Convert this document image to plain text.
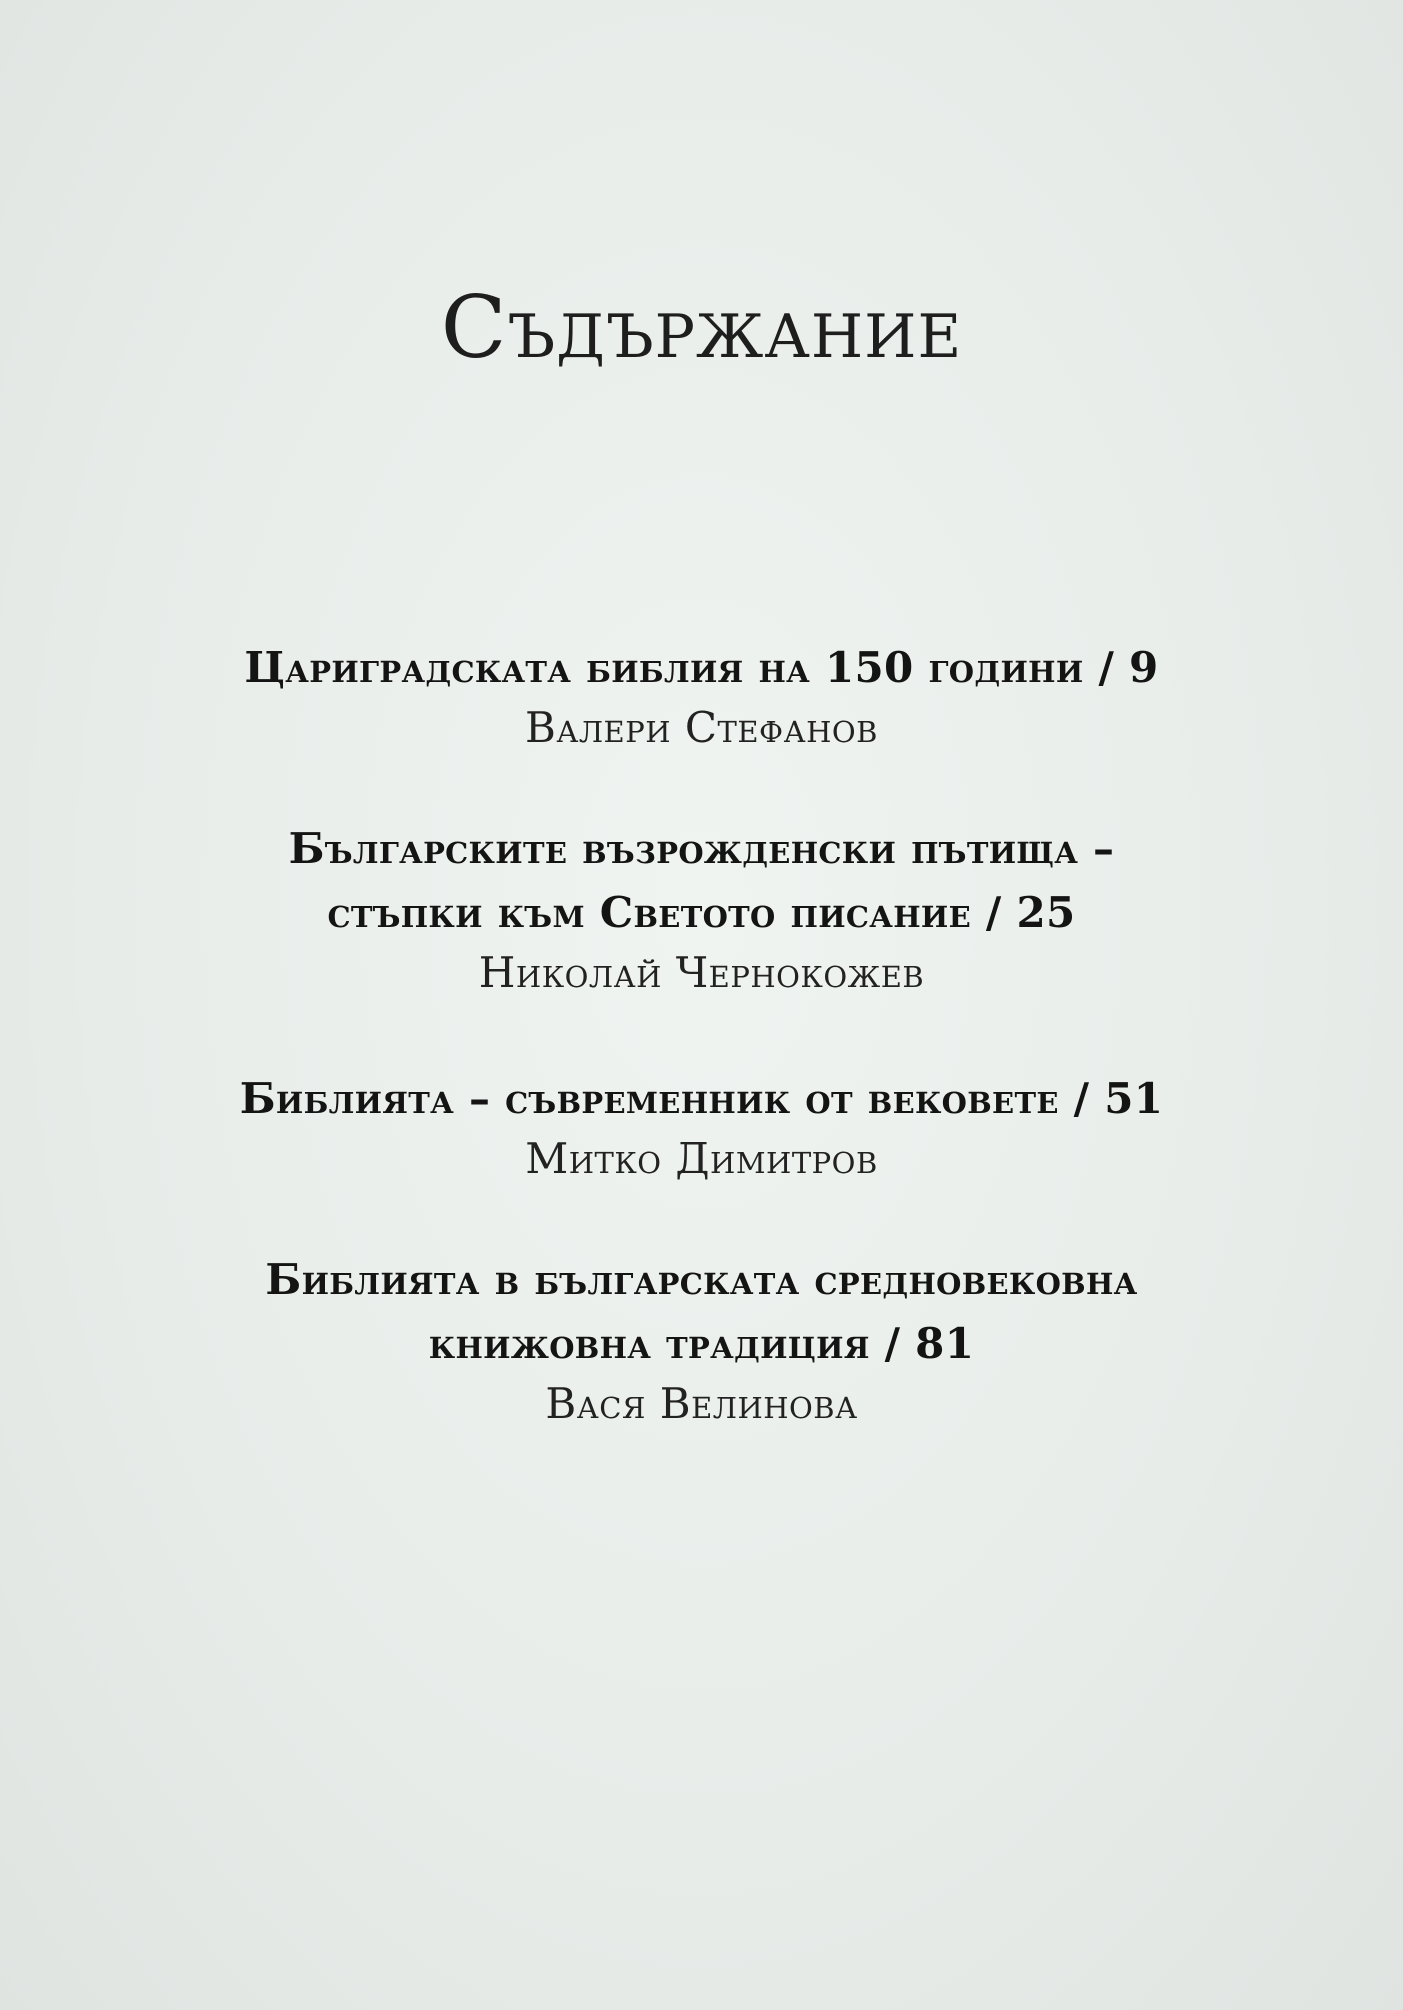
Съдържание
Цариградската библия на 150 години / 9
Валери Стефанов
Българските възрожденски пътища –
стъпки към Светото писание / 25
Николай Чернокожев
Библията – съвременник от вековете / 51
Митко Димитров
Библията в българската средновековна
книжовна традиция / 81
Вася Велинова
